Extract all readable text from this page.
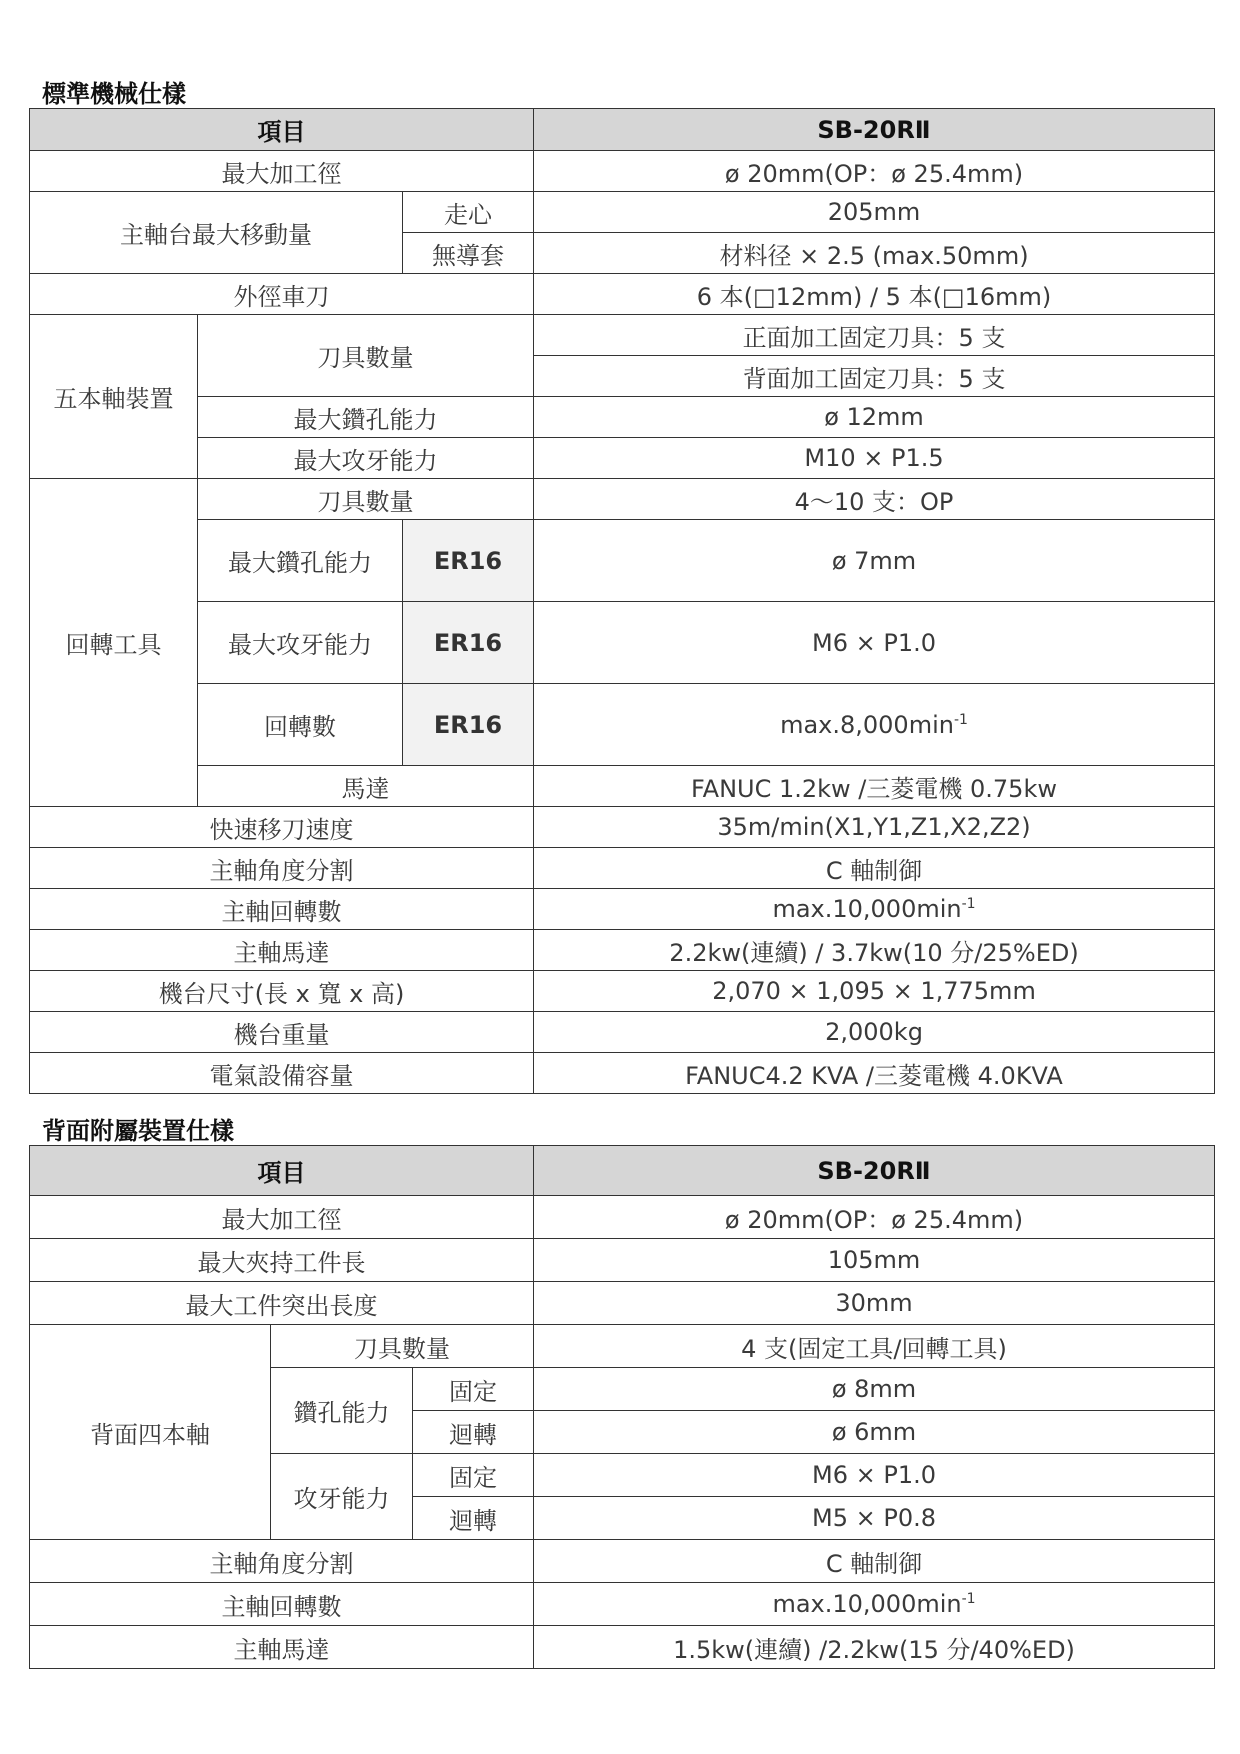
標準機械仕樣
項目			SB-20RⅡ
最大加工徑			ø 20mm(OP：ø 25.4mm)
主軸台最大移動量		走心	205mm
		無導套	材料径 × 2.5 (max.50mm)
外徑車刀			6 本(□12mm) / 5 本(□16mm)
五本軸裝置	刀具數量		正面加工固定刀具：5 支
			背面加工固定刀具：5 支
	最大鑽孔能力		ø 12mm
	最大攻牙能力		M10 × P1.5
回轉工具	刀具數量		4～10 支：OP
	最大鑽孔能力	ER16	ø 7mm
	最大攻牙能力	ER16	M6 × P1.0
	回轉數	ER16	$\max.8,000\min^{-1}$
	馬達		FANUC 1.2kw /三菱電機 0.75kw
快速移刀速度			35m/min(X1,Y1,Z1,X2,Z2)
主軸角度分割			C 軸制御
主軸回轉數			$\max.10,000\min^{-1}$
主軸馬達			2.2kw(連續) / 3.7kw(10 分/25%ED)
機台尺寸(長 x 寬 x 高)			2,070 × 1,095 × 1,775mm
機台重量			2,000kg
電氣設備容量			FANUC4.2 KVA /三菱電機 4.0KVA
背面附屬裝置仕樣
項目			SB-20RⅡ
最大加工徑			ø 20mm(OP：ø 25.4mm)
最大夾持工件長			105mm
最大工件突出長度			30mm
背面四本軸	刀具數量		4 支(固定工具/回轉工具)
	鑽孔能力	固定	ø 8mm
		迴轉	ø 6mm
	攻牙能力	固定	M6 × P1.0
		迴轉	M5 × P0.8
主軸角度分割			C 軸制御
主軸回轉數			$\max.10,000\min^{-1}$
主軸馬達			1.5kw(連續) /2.2kw(15 分/40%ED)
